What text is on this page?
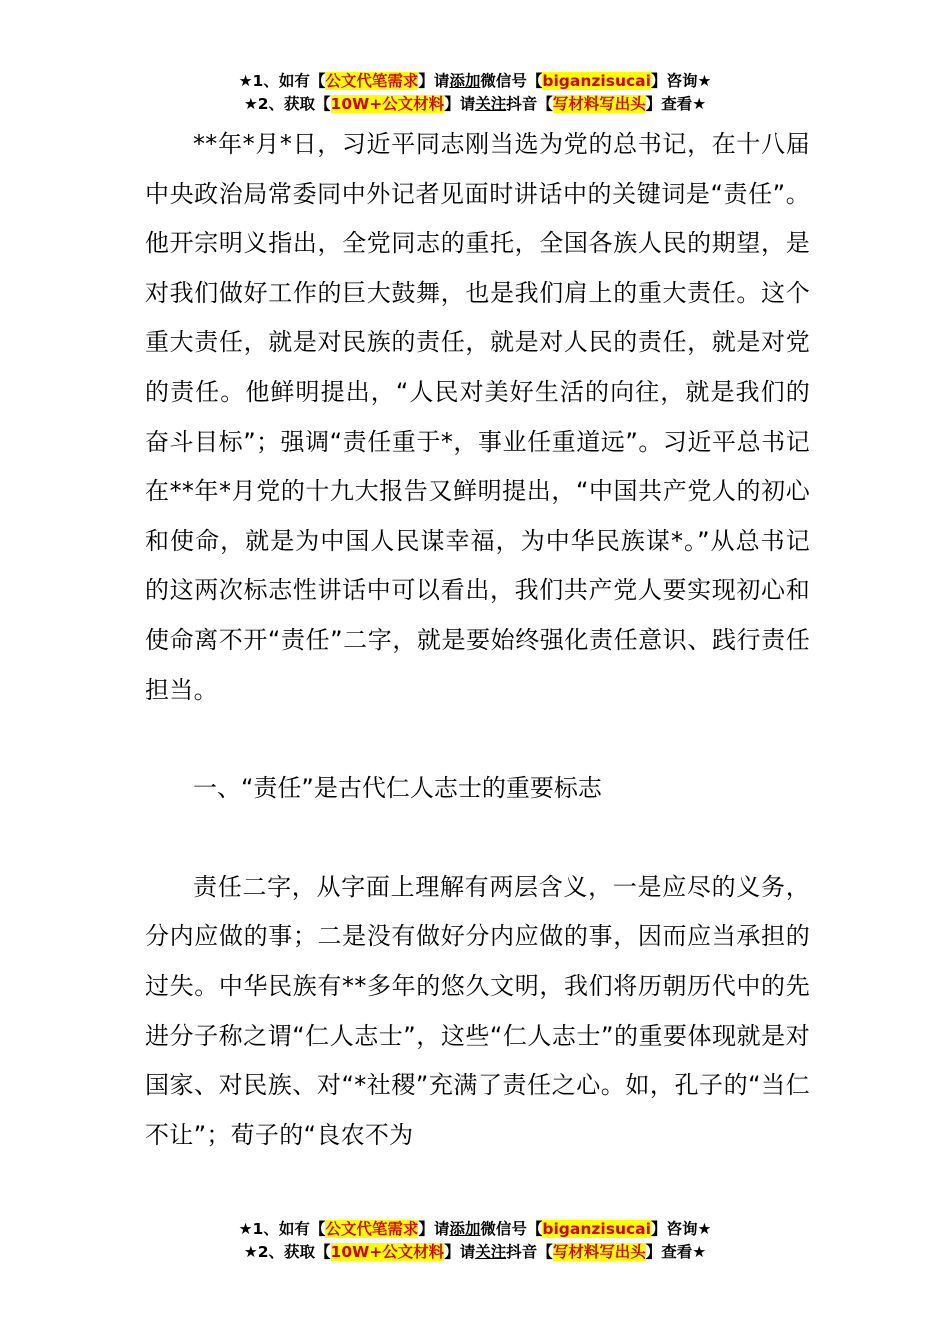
★1、如有【公文代笔需求】请添加微信号【biganzisucai】咨询★
★2、获取【10W+公文材料】请关注抖音【写材料写出头】查看★

**年*月*日，习近平同志刚当选为党的总书记，在十八届中央政治局常委同中外记者见面时讲话中的关键词是“责任”。他开宗明义指出，全党同志的重托，全国各族人民的期望，是对我们做好工作的巨大鼓舞，也是我们肩上的重大责任。这个重大责任，就是对民族的责任，就是对人民的责任，就是对党的责任。他鲜明提出，“人民对美好生活的向往，就是我们的奋斗目标”；强调“责任重于*，事业任重道远”。习近平总书记在**年*月党的十九大报告又鲜明提出，“中国共产党人的初心和使命，就是为中国人民谋幸福，为中华民族谋*。”从总书记的这两次标志性讲话中可以看出，我们共产党人要实现初心和使命离不开“责任”二字，就是要始终强化责任意识、践行责任担当。

一、“责任”是古代仁人志士的重要标志

责任二字，从字面上理解有两层含义，一是应尽的义务，分内应做的事；二是没有做好分内应做的事，因而应当承担的过失。中华民族有**多年的悠久文明，我们将历朝历代中的先进分子称之谓“仁人志士”，这些“仁人志士”的重要体现就是对国家、对民族、对“*社稷”充满了责任之心。如，孔子的“当仁不让”；荀子的“良农不为

★1、如有【公文代笔需求】请添加微信号【biganzisucai】咨询★
★2、获取【10W+公文材料】请关注抖音【写材料写出头】查看★
